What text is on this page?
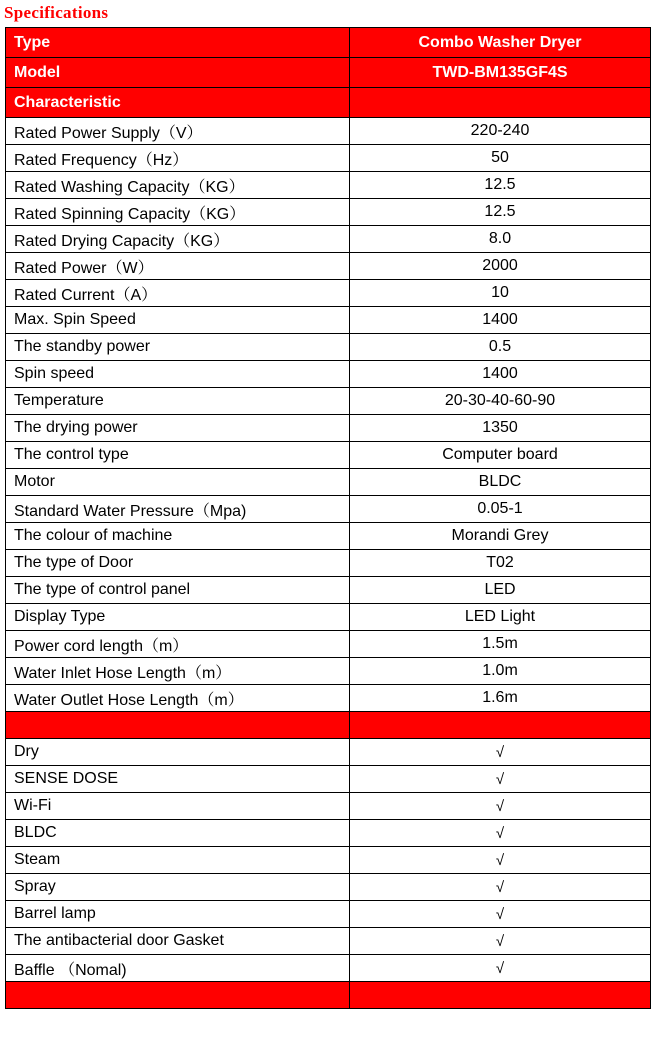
Specifications
Type	Combo Washer Dryer
Model	TWD-BM135GF4S
Characteristic	
Rated Power Supply（V）	220-240
Rated Frequency（Hz）	50
Rated Washing Capacity（KG）	12.5
Rated Spinning Capacity（KG）	12.5
Rated Drying Capacity（KG）	8.0
Rated Power（W）	2000
Rated Current（A）	10
Max. Spin Speed	1400
The standby power	0.5
Spin speed	1400
Temperature	20-30-40-60-90
The drying power	1350
The control type	Computer board
Motor	BLDC
Standard Water Pressure（Mpa)	0.05-1
The colour of machine	Morandi Grey
The type of Door	T02
The type of control panel	LED
Display Type	LED Light
Power cord length（m）	1.5m
Water Inlet Hose Length（m）	1.0m
Water Outlet Hose Length（m）	1.6m

Dry	√
SENSE DOSE	√
Wi-Fi	√
BLDC	√
Steam	√
Spray	√
Barrel lamp	√
The antibacterial door Gasket	√
Baffle （Nomal)	√
